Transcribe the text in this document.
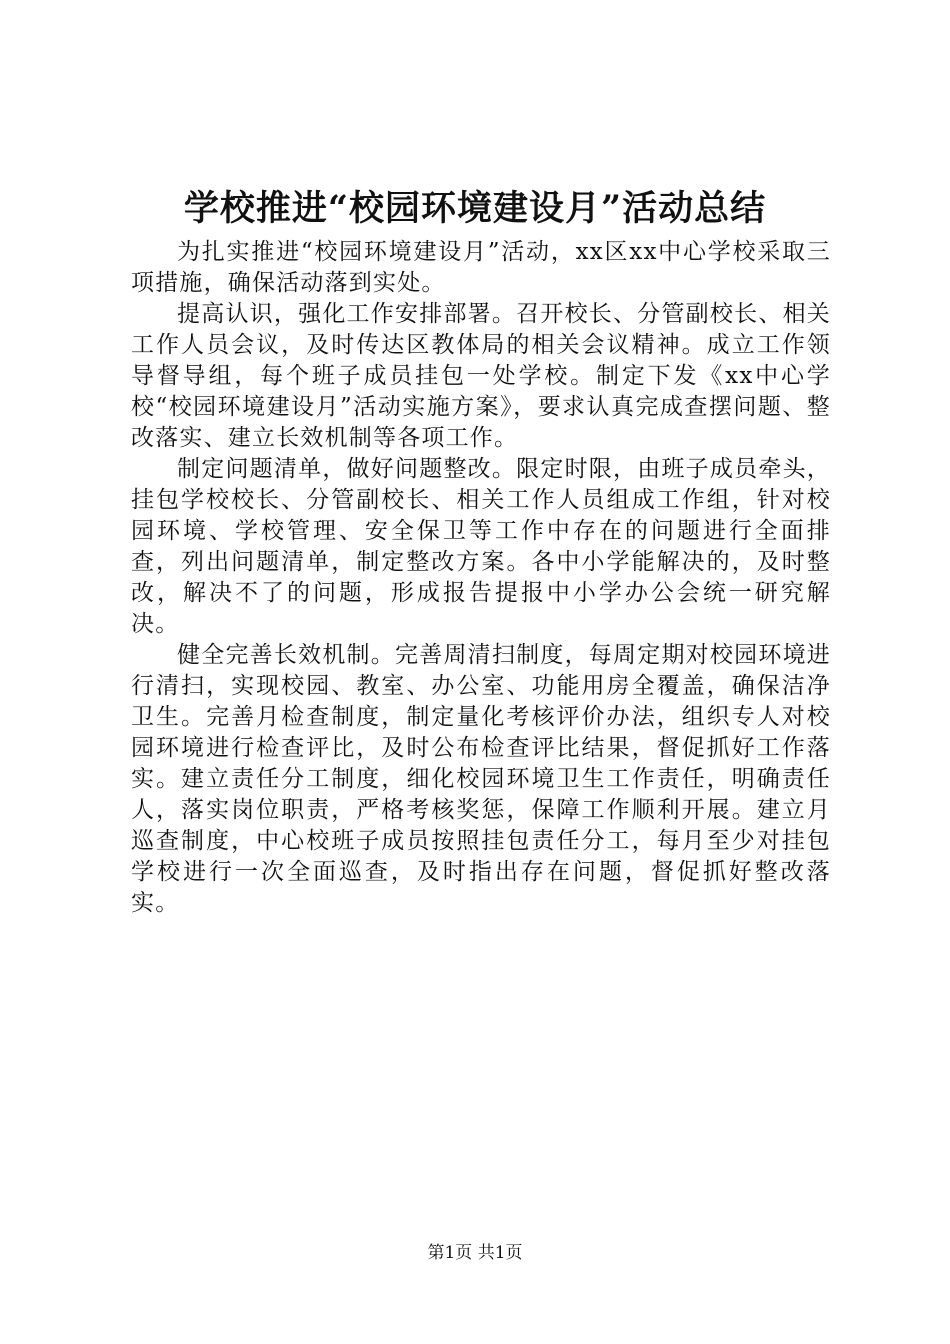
学校推进“校园环境建设月”活动总结

为扎实推进“校园环境建设月”活动，xx区xx中心学校采取三项措施，确保活动落到实处。

提高认识，强化工作安排部署。召开校长、分管副校长、相关工作人员会议，及时传达区教体局的相关会议精神。成立工作领导督导组，每个班子成员挂包一处学校。制定下发《xx中心学校“校园环境建设月”活动实施方案》，要求认真完成查摆问题、整改落实、建立长效机制等各项工作。

制定问题清单，做好问题整改。限定时限，由班子成员牵头，挂包学校校长、分管副校长、相关工作人员组成工作组，针对校园环境、学校管理、安全保卫等工作中存在的问题进行全面排查，列出问题清单，制定整改方案。各中小学能解决的，及时整改，解决不了的问题，形成报告提报中小学办公会统一研究解决。

健全完善长效机制。完善周清扫制度，每周定期对校园环境进行清扫，实现校园、教室、办公室、功能用房全覆盖，确保洁净卫生。完善月检查制度，制定量化考核评价办法，组织专人对校园环境进行检查评比，及时公布检查评比结果，督促抓好工作落实。建立责任分工制度，细化校园环境卫生工作责任，明确责任人，落实岗位职责，严格考核奖惩，保障工作顺利开展。建立月巡查制度，中心校班子成员按照挂包责任分工，每月至少对挂包学校进行一次全面巡查，及时指出存在问题，督促抓好整改落实。

第1页 共1页
